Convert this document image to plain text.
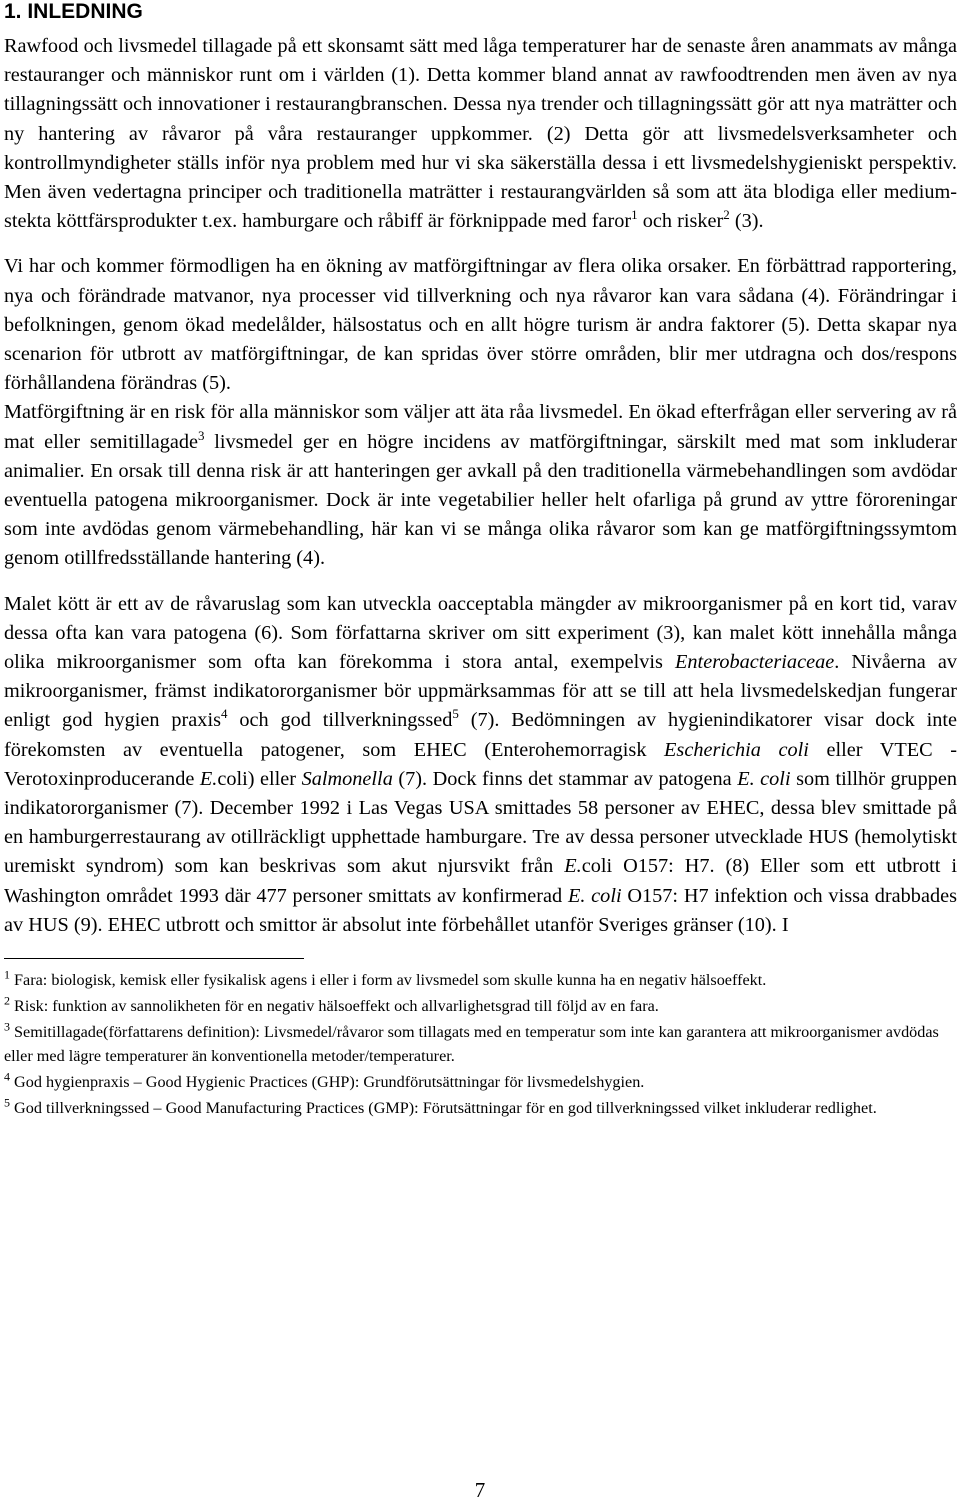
1. INLEDNING

Rawfood och livsmedel tillagade på ett skonsamt sätt med låga temperaturer har de senaste åren anammats av många restauranger och människor runt om i världen (1). Detta kommer bland annat av rawfoodtrenden men även av nya tillagningssätt och innovationer i restaurangbranschen. Dessa nya trender och tillagningssätt gör att nya maträtter och ny hantering av råvaror på våra restauranger uppkommer. (2) Detta gör att livsmedelsverksamheter och kontrollmyndigheter ställs inför nya problem med hur vi ska säkerställa dessa i ett livsmedelshygieniskt perspektiv. Men även vedertagna principer och traditionella maträtter i restaurangvärlden så som att äta blodiga eller medium-stekta köttfärsprodukter t.ex. hamburgare och råbiff är förknippade med faror$^1$ och risker$^2$ (3).

Vi har och kommer förmodligen ha en ökning av matförgiftningar av flera olika orsaker. En förbättrad rapportering, nya och förändrade matvanor, nya processer vid tillverkning och nya råvaror kan vara sådana (4). Förändringar i befolkningen, genom ökad medelålder, hälsostatus och en allt högre turism är andra faktorer (5). Detta skapar nya scenarion för utbrott av matförgiftningar, de kan spridas över större områden, blir mer utdragna och dos/respons förhållandena förändras (5).

Matförgiftning är en risk för alla människor som väljer att äta råa livsmedel. En ökad efterfrågan eller servering av rå mat eller semitillagade$^3$ livsmedel ger en högre incidens av matförgiftningar, särskilt med mat som inkluderar animalier. En orsak till denna risk är att hanteringen ger avkall på den traditionella värmebehandlingen som avdödar eventuella patogena mikroorganismer. Dock är inte vegetabilier heller helt ofarliga på grund av yttre föroreningar som inte avdödas genom värmebehandling, här kan vi se många olika råvaror som kan ge matförgiftningssymtom genom otillfredsställande hantering (4).

Malet kött är ett av de råvaruslag som kan utveckla oacceptabla mängder av mikroorganismer på en kort tid, varav dessa ofta kan vara patogena (6). Som författarna skriver om sitt experiment (3), kan malet kött innehålla många olika mikroorganismer som ofta kan förekomma i stora antal, exempelvis Enterobacteriaceae. Nivåerna av mikroorganismer, främst indikatororganismer bör uppmärksammas för att se till att hela livsmedelskedjan fungerar enligt god hygien praxis$^4$ och god tillverkningssed$^5$ (7). Bedömningen av hygienindikatorer visar dock inte förekomsten av eventuella patogener, som EHEC (Enterohemorragisk Escherichia coli eller VTEC -Verotoxinproducerande E.coli) eller Salmonella (7). Dock finns det stammar av patogena E. coli som tillhör gruppen indikatororganismer (7). December 1992 i Las Vegas USA smittades 58 personer av EHEC, dessa blev smittade på en hamburgerrestaurang av otillräckligt upphettade hamburgare. Tre av dessa personer utvecklade HUS (hemolytiskt uremiskt syndrom) som kan beskrivas som akut njursvikt från E.coli O157: H7. (8) Eller som ett utbrott i Washington området 1993 där 477 personer smittats av konfirmerad E. coli O157: H7 infektion och vissa drabbades av HUS (9). EHEC utbrott och smittor är absolut inte förbehållet utanför Sveriges gränser (10). I

$^1$ Fara: biologisk, kemisk eller fysikalisk agens i eller i form av livsmedel som skulle kunna ha en negativ hälsoeffekt.

$^2$ Risk: funktion av sannolikheten för en negativ hälsoeffekt och allvarlighetsgrad till följd av en fara.

$^3$ Semitillagade(författarens definition): Livsmedel/råvaror som tillagats med en temperatur som inte kan garantera att mikroorganismer avdödas eller med lägre temperaturer än konventionella metoder/temperaturer.

$^4$ God hygienpraxis – Good Hygienic Practices (GHP): Grundförutsättningar för livsmedelshygien.

$^5$ God tillverkningssed – Good Manufacturing Practices (GMP): Förutsättningar för en god tillverkningssed vilket inkluderar redlighet.

7
